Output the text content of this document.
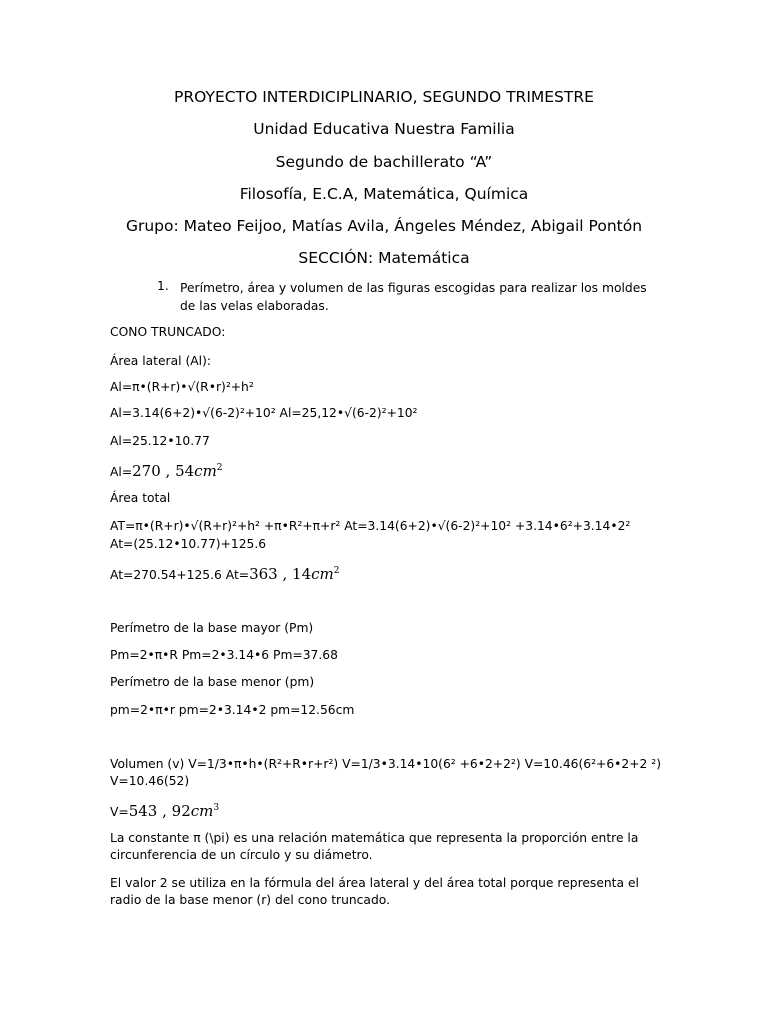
PROYECTO INTERDICIPLINARIO, SEGUNDO TRIMESTRE
Unidad Educativa Nuestra Familia
Segundo de bachillerato “A”
Filosofía, E.C.A, Matemática, Química
Grupo: Mateo Feijoo, Matías Avila, Ángeles Méndez, Abigail Pontón
SECCIÓN: Matemática
1. Perímetro, área y volumen de las figuras escogidas para realizar los moldes de las velas elaboradas.
CONO TRUNCADO:
Área lateral (Al):
Al=π•(R+r)•√(R•r)²+h²
Al=3.14(6+2)•√(6-2)²+10² Al=25,12•√(6-2)²+10²
Al=25.12•10.77
Al=270 , $54cm^2$
Área total
AT=π•(R+r)•√(R+r)²+h² +π•R²+π+r² At=3.14(6+2)•√(6-2)²+10² +3.14•6²+3.14•2²
At=(25.12•10.77)+125.6
At=270.54+125.6 At=363 , $14cm^2$
Perímetro de la base mayor (Pm)
Pm=2•π•R Pm=2•3.14•6 Pm=37.68
Perímetro de la base menor (pm)
pm=2•π•r pm=2•3.14•2 pm=12.56cm
Volumen (v) V=1/3•π•h•(R²+R•r+r²) V=1/3•3.14•10(6² +6•2+2²) V=10.46(6²+6•2+2 ²) V=10.46(52)
V=543 , $92cm^3$
La constante π (\pi) es una relación matemática que representa la proporción entre la circunferencia de un círculo y su diámetro.
El valor 2 se utiliza en la fórmula del área lateral y del área total porque representa el radio de la base menor (r) del cono truncado.
